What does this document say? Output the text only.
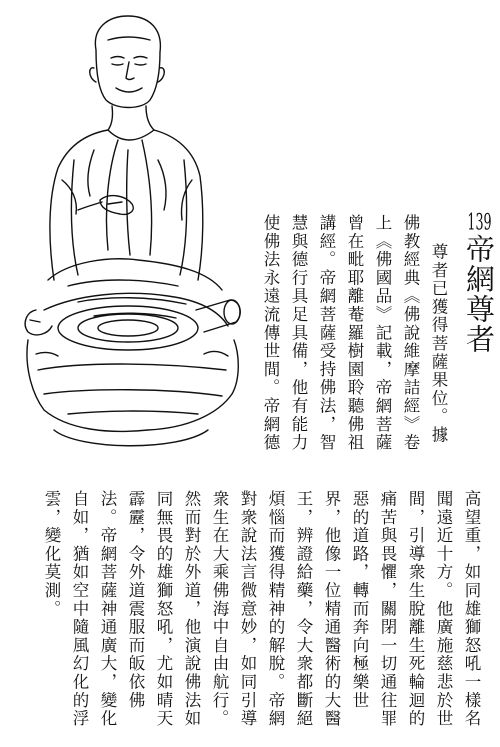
139帝網尊者
尊者已獲得菩薩果位。據
佛教經典《佛說維摩詰經》卷
上《佛國品》記載，帝網菩薩
曾在毗耶離菴羅樹園聆聽佛祖
講經。帝網菩薩受持佛法，智
慧與德行具足具備，他有能力
使佛法永遠流傳世間。帝網德
高望重，如同雄獅怒吼一樣名
聞遠近十方。他廣施慈悲於世
間，引導衆生脫離生死輪迴的
痛苦與畏懼，關閉一切通往罪
惡的道路，轉而奔向極樂世
界，他像一位精通醫術的大醫
王，辨證給藥，令大衆都斷絕
煩惱而獲得精神的解脫。帝網
對衆說法言微意妙，如同引導
衆生在大乘佛海中自由航行。
然而對於外道，他演說佛法如
同無畏的雄獅怒吼，尤如晴天
霹靂，令外道震服而皈依佛
法。帝網菩薩神通廣大，變化
自如，猶如空中隨風幻化的浮
雲，變化莫測。
